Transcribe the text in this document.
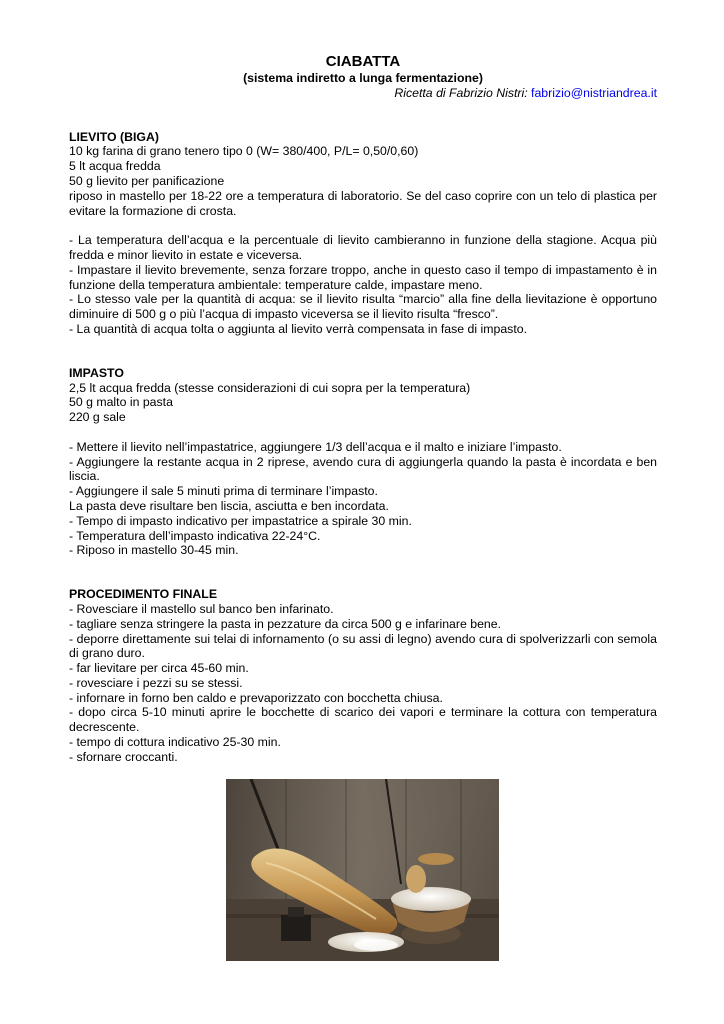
CIABATTA
(sistema indiretto a lunga fermentazione)
Ricetta di Fabrizio Nistri: fabrizio@nistriandrea.it
LIEVITO (BIGA)
10 kg farina di grano tenero tipo 0 (W= 380/400, P/L= 0,50/0,60)
5 lt acqua fredda
50 g lievito per panificazione
riposo in mastello per 18-22 ore a temperatura di laboratorio. Se del caso coprire con un telo di plastica per evitare la formazione di crosta.
- La temperatura dell’acqua e la percentuale di lievito cambieranno in funzione della stagione. Acqua più fredda e minor lievito in estate e viceversa.
- Impastare il lievito brevemente, senza forzare troppo, anche in questo caso il tempo di impastamento è in funzione della temperatura ambientale: temperature calde, impastare meno.
- Lo stesso vale per la quantità di acqua: se il lievito risulta “marcio” alla fine della lievitazione è opportuno diminuire di 500 g o più l’acqua di impasto viceversa se il lievito risulta “fresco”.
- La quantità di acqua tolta o aggiunta al lievito verrà compensata in fase di impasto.
IMPASTO
2,5 lt acqua fredda (stesse considerazioni di cui sopra per la temperatura)
50 g malto in pasta
220 g sale
- Mettere il lievito nell’impastatrice, aggiungere 1/3 dell’acqua e il malto e iniziare l’impasto.
- Aggiungere la restante acqua in 2 riprese, avendo cura di aggiungerla quando la pasta è incordata e ben liscia.
- Aggiungere il sale 5 minuti prima di terminare l’impasto.
La pasta deve risultare ben liscia, asciutta e ben incordata.
- Tempo di impasto indicativo per impastatrice a spirale 30 min.
- Temperatura dell’impasto indicativa 22-24°C.
- Riposo in mastello 30-45 min.
PROCEDIMENTO FINALE
- Rovesciare il mastello sul banco ben infarinato.
- tagliare senza stringere la pasta in pezzature da circa 500 g e infarinare bene.
- deporre direttamente sui telai di infornamento (o su assi di legno) avendo cura di spolverizzarli con semola di grano duro.
- far lievitare per circa 45-60 min.
- rovesciare i pezzi su se stessi.
- infornare in forno ben caldo e prevaporizzato con bocchetta chiusa.
- dopo circa 5-10 minuti aprire le bocchette di scarico dei vapori e terminare la cottura con temperatura decrescente.
- tempo di cottura indicativo 25-30 min.
- sfornare croccanti.
